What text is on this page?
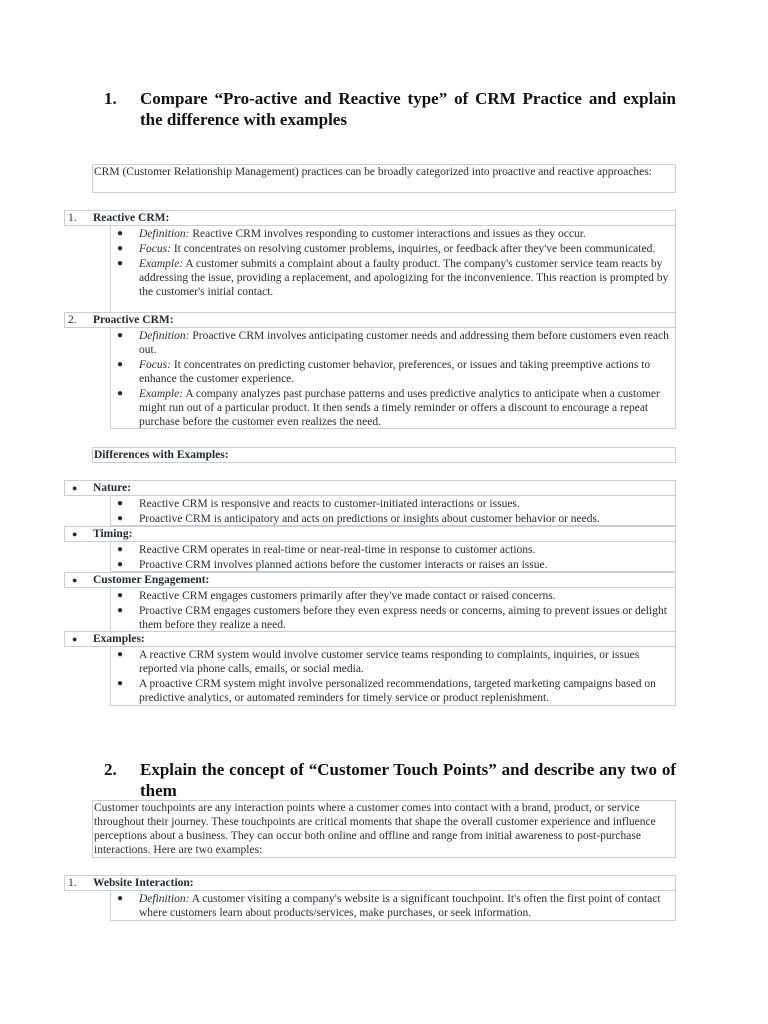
1.	Compare “Pro-active and Reactive type” of CRM Practice and explain the difference with examples
CRM (Customer Relationship Management) practices can be broadly categorized into proactive and reactive approaches:
1. Reactive CRM:
● Definition: Reactive CRM involves responding to customer interactions and issues as they occur.
● Focus: It concentrates on resolving customer problems, inquiries, or feedback after they've been communicated.
● Example: A customer submits a complaint about a faulty product. The company's customer service team reacts by addressing the issue, providing a replacement, and apologizing for the inconvenience. This reaction is prompted by the customer's initial contact.
2. Proactive CRM:
● Definition: Proactive CRM involves anticipating customer needs and addressing them before customers even reach out.
● Focus: It concentrates on predicting customer behavior, preferences, or issues and taking preemptive actions to enhance the customer experience.
● Example: A company analyzes past purchase patterns and uses predictive analytics to anticipate when a customer might run out of a particular product. It then sends a timely reminder or offers a discount to encourage a repeat purchase before the customer even realizes the need.
Differences with Examples:
● Nature:
● Reactive CRM is responsive and reacts to customer-initiated interactions or issues.
● Proactive CRM is anticipatory and acts on predictions or insights about customer behavior or needs.
● Timing:
● Reactive CRM operates in real-time or near-real-time in response to customer actions.
● Proactive CRM involves planned actions before the customer interacts or raises an issue.
● Customer Engagement:
● Reactive CRM engages customers primarily after they've made contact or raised concerns.
● Proactive CRM engages customers before they even express needs or concerns, aiming to prevent issues or delight them before they realize a need.
● Examples:
● A reactive CRM system would involve customer service teams responding to complaints, inquiries, or issues reported via phone calls, emails, or social media.
● A proactive CRM system might involve personalized recommendations, targeted marketing campaigns based on predictive analytics, or automated reminders for timely service or product replenishment.
2.	Explain the concept of “Customer Touch Points” and describe any two of them
Customer touchpoints are any interaction points where a customer comes into contact with a brand, product, or service throughout their journey. These touchpoints are critical moments that shape the overall customer experience and influence perceptions about a business. They can occur both online and offline and range from initial awareness to post-purchase interactions. Here are two examples:
1. Website Interaction:
● Definition: A customer visiting a company's website is a significant touchpoint. It's often the first point of contact where customers learn about products/services, make purchases, or seek information.
